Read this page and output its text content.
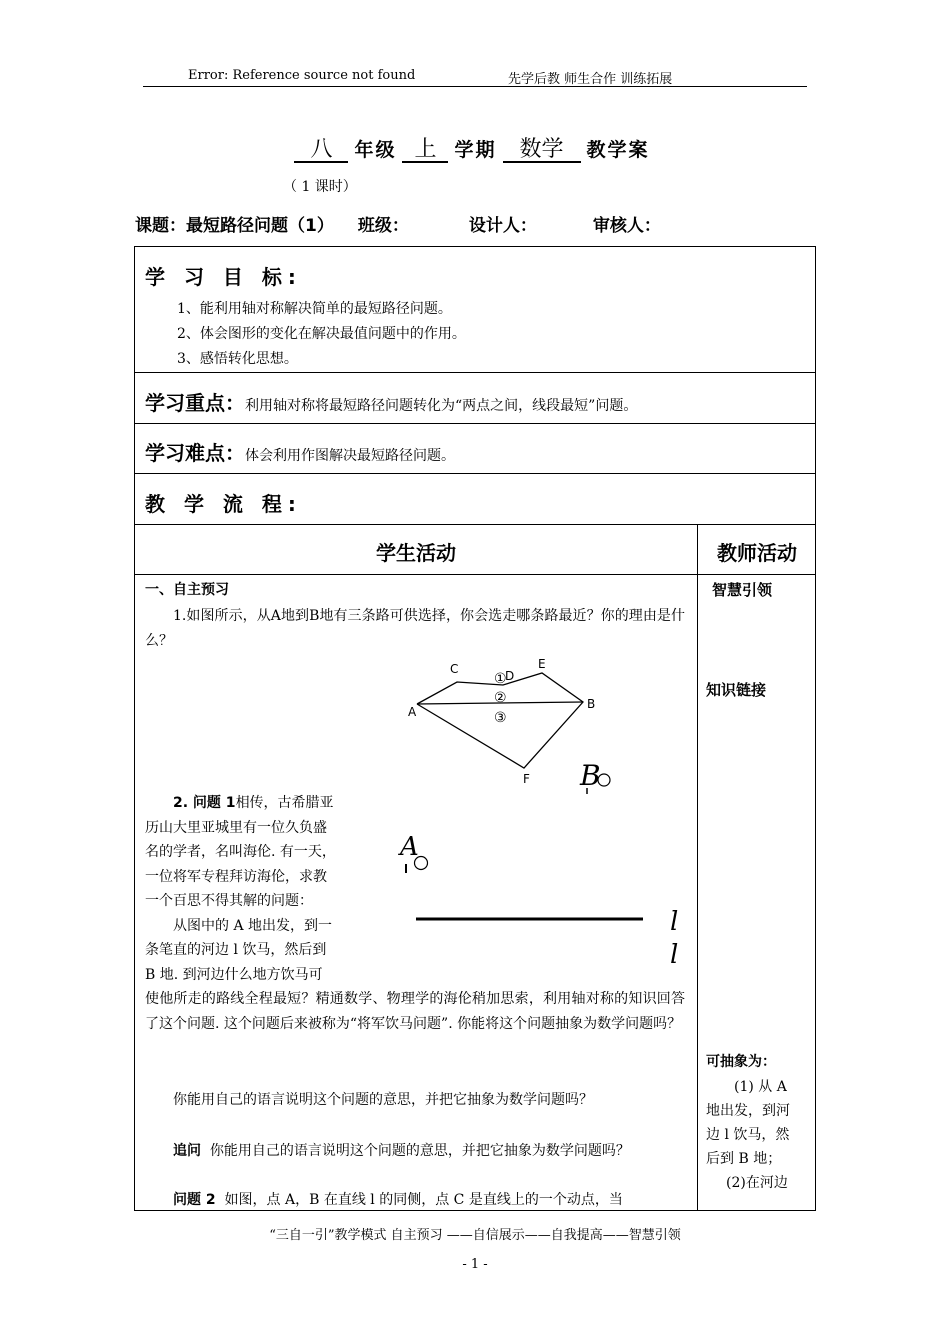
Error: Reference source not found	先学后教 师生合作 训练拓展
八 年级 上 学期 数学 教学案
（ 1 课时）
课题：最短路径问题（1） 班级：	设计人：	审核人：
学 习 目 标:
1、能利用轴对称解决简单的最短路径问题。
2、体会图形的变化在解决最值问题中的作用。
3、感悟转化思想。
学习重点：利用轴对称将最短路径问题转化为“两点之间，线段最短”问题。
学习难点：体会利用作图解决最短路径问题。
教 学 流 程:
学生活动	教师活动
一、自主预习
1.如图所示，从A地到B地有三条路可供选择，你会选走哪条路最近？你的理由是什么？
A
B
C	D
E
F
①
②
③
2. 问题 1相传，古希腊亚
历山大里亚城里有一位久负盛
名的学者，名叫海伦. 有一天，
一位将军专程拜访海伦，求教
一个百思不得其解的问题：
从图中的 A 地出发，到一
条笔直的河边 l 饮马，然后到
B 地. 到河边什么地方饮马可
B
A
l
l
使他所走的路线全程最短？精通数学、物理学的海伦稍加思索，利用轴对称的知识回答了这个问题. 这个问题后来被称为“将军饮马问题”. 你能将这个问题抽象为数学问题吗？
你能用自己的语言说明这个问题的意思，并把它抽象为数学问题吗？
追问 你能用自己的语言说明这个问题的意思，并把它抽象为数学问题吗？
问题 2 如图，点 A，B 在直线 l 的同侧，点 C 是直线上的一个动点，当
智慧引领
知识链接
可抽象为：
(1) 从 A
地出发，到河
边 l 饮马，然
后到 B 地；
(2)在河边
“三自一引”教学模式 自主预习 ——自信展示——自我提高——智慧引领
- 1 -
